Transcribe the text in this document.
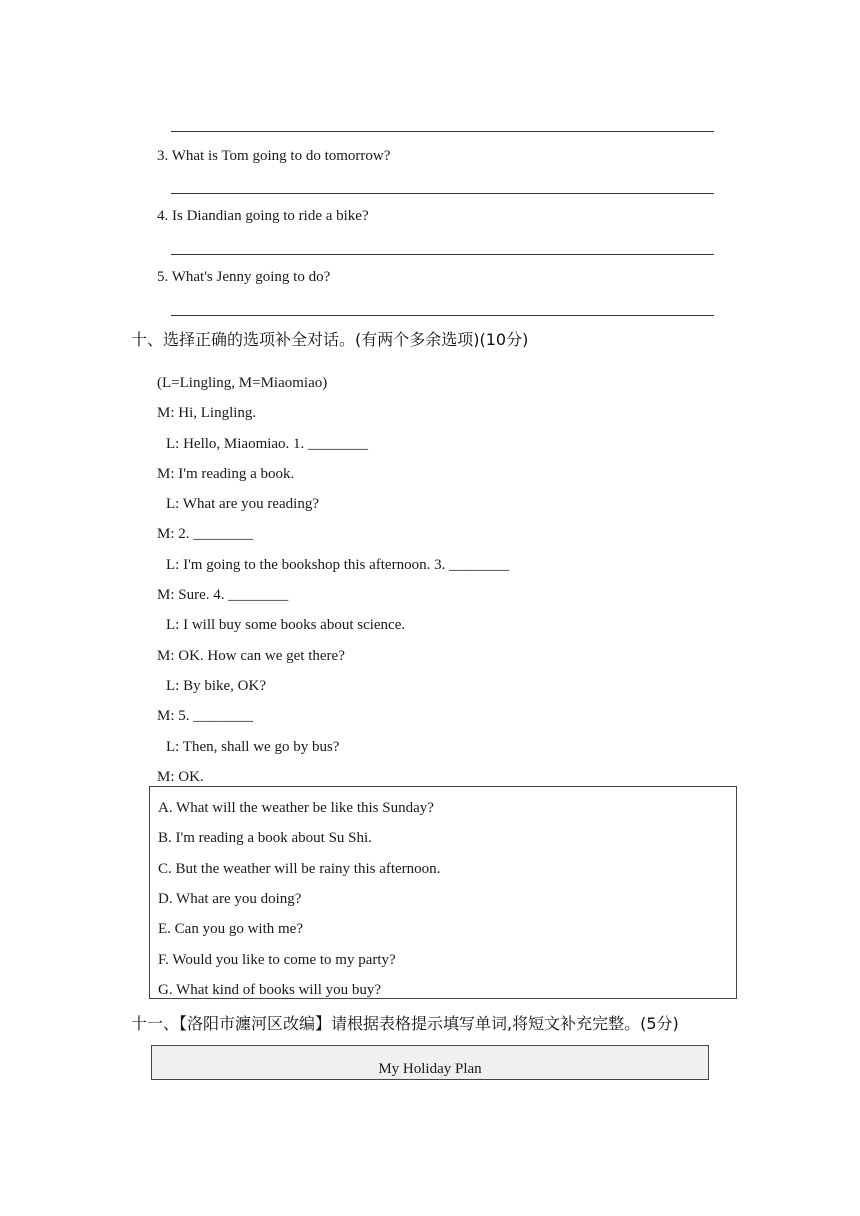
3. What is Tom going to do tomorrow?
4. Is Diandian going to ride a bike?
5. What's Jenny going to do?
十、选择正确的选项补全对话。(有两个多余选项)(10分)
(L=Lingling, M=Miaomiao)
M: Hi, Lingling.
L: Hello, Miaomiao. 1. ________
M: I'm reading a book.
L: What are you reading?
M: 2. ________
L: I'm going to the bookshop this afternoon. 3. ________
M: Sure. 4. ________
L: I will buy some books about science.
M: OK. How can we get there?
L: By bike, OK?
M: 5. ________
L: Then, shall we go by bus?
M: OK.
A. What will the weather be like this Sunday?
B. I'm reading a book about Su Shi.
C. But the weather will be rainy this afternoon.
D. What are you doing?
E. Can you go with me?
F. Would you like to come to my party?
G. What kind of books will you buy?
十一、【洛阳市瀍河区改编】请根据表格提示填写单词,将短文补充完整。(5分)
My Holiday Plan
